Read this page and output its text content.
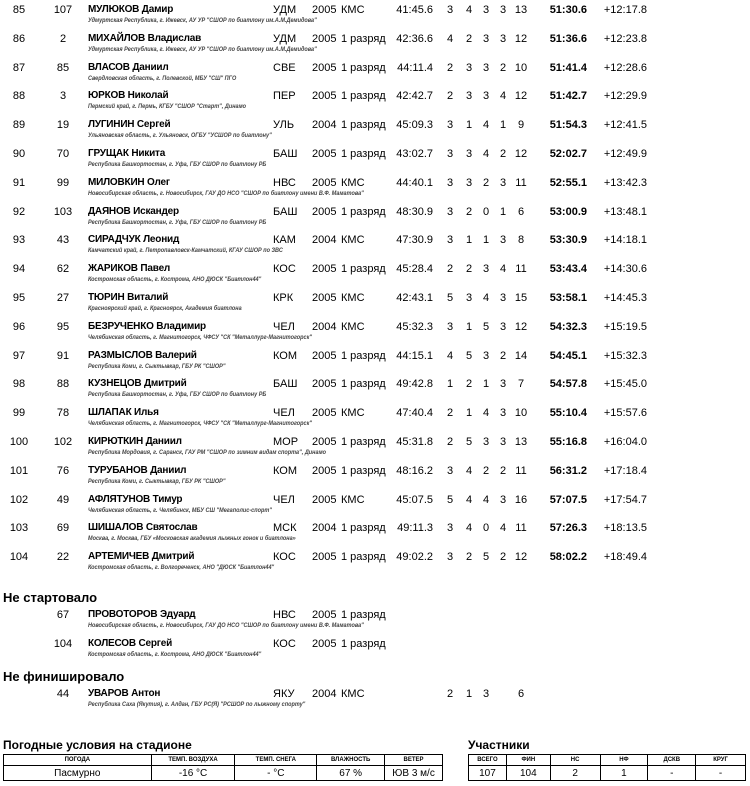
85	107 МУЛЮКОВ Дамир	УДМ	2005 КМС	41:45.6 3 4 3 3 13	51:30.6 +12:17.8
Удмуртская Республика, г. Ижевск, АУ УР "СШОР по биатлону им.А.М.Демидова"
86	2	МИХАЙЛОВ Владислав	УДМ	2005 1 разряд 42:36.6 4 2 3 3 12	51:36.6 +12:23.8
Удмуртская Республика, г. Ижевск, АУ УР "СШОР по биатлону им.А.М.Демидова"
87	85	ВЛАСОВ Даниил	СВЕ	2005 1 разряд	44:11.4 2 3 3 2 10	51:41.4 +12:28.6
Свердловская область, г. Полевской, МБУ "СШ" ПГО
88	3	ЮРКОВ Николай	ПЕР	2005 1 разряд 42:42.7 2 3 3 4 12	51:42.7 +12:29.9
Пермский край, г. Пермь, КГБУ "СШОР "Старт", Динамо
89	19	ЛУГИНИН Сергей	УЛЬ	2004 1 разряд 45:09.3 3 1 4 1	9	51:54.3 +12:41.5
Ульяновская область, г. Ульяновск, ОГБУ "УСШОР по биатлону"
90	70	ГРУЩАК Никита	БАШ	2005 1 разряд 43:02.7 3 3 4 2 12	52:02.7 +12:49.9
Республика Башкортостан, г. Уфа, ГБУ СШОР по биатлону РБ
91	99	МИЛОВКИН Олег	НВС	2005 КМС	44:40.1 3 3 2 3 11	52:55.1 +13:42.3
Новосибирская область, г. Новосибирск, ГАУ ДО НСО "СШОР по биатлону имени В.Ф. Маматова"
92	103 ДАЯНОВ Искандер	БАШ	2005 1 разряд 48:30.9 3 2 0 1	6	53:00.9 +13:48.1
Республика Башкортостан, г. Уфа, ГБУ СШОР по биатлону РБ
93	43	СИРАДЧУК Леонид	КАМ	2004 КМС	47:30.9 3 1 1 3	8	53:30.9 +14:18.1
Камчатский край, г. Петропавловск-Камчатский, КГАУ СШОР по ЗВС
94	62	ЖАРИКОВ Павел	КОС	2005 1 разряд 45:28.4 2 2 3 4 11	53:43.4 +14:30.6
Костромская область, г. Кострома, АНО ДЮСК "Биатлон44"
95	27	ТЮРИН Виталий	КРК	2005 КМС	42:43.1 5 3 4 3 15	53:58.1 +14:45.3
Красноярский край, г. Красноярск, Академия биатлона
96	95	БЕЗРУЧЕНКО Владимир	ЧЕЛ	2004 КМС	45:32.3 3 1 5 3 12	54:32.3 +15:19.5
Челябинская область, г. Магнитогорск, ЧФСУ "СК "Металлург-Магнитогорск"
97	91	РАЗМЫСЛОВ Валерий	КОМ	2005 1 разряд 44:15.1 4 5 3 2 14	54:45.1 +15:32.3
Республика Коми, г. Сыктывкар, ГБУ РК "СШОР"
98	88	КУЗНЕЦОВ Дмитрий	БАШ	2005 1 разряд 49:42.8 1 2 1 3	7	54:57.8 +15:45.0
Республика Башкортостан, г. Уфа, ГБУ СШОР по биатлону РБ
99	78	ШЛАПАК Илья	ЧЕЛ	2005 КМС	47:40.4 2 1 4 3 10	55:10.4 +15:57.6
Челябинская область, г. Магнитогорск, ЧФСУ "СК "Металлург-Магнитогорск"
100 102 КИРЮТКИН Даниил	МОР 2005 1 разряд 45:31.8 2 5 3 3 13	55:16.8 +16:04.0
Республика Мордовия, г. Саранск, ГАУ РМ "СШОР по зимним видам спорта", Динамо
101	76	ТУРУБАНОВ Даниил	КОМ	2005 1 разряд 48:16.2 3 4 2 2 11	56:31.2 +17:18.4
Республика Коми, г. Сыктывкар, ГБУ РК "СШОР"
102	49	АФЛЯТУНОВ Тимур	ЧЕЛ	2005 КМС	45:07.5 5 4 4 3 16	57:07.5 +17:54.7
Челябинская область, г. Челябинск, МБУ СШ "Мегаполис-спорт"
103	69	ШИШАЛОВ Святослав	МСК	2004 1 разряд	49:11.3 3 4 0 4 11	57:26.3 +18:13.5
Москва, г. Москва, ГБУ «Московская академия лыжных гонок и биатлона»
104	22	АРТЕМИЧЕВ Дмитрий	КОС	2005 1 разряд 49:02.2 3 2 5 2 12	58:02.2 +18:49.4
Костромская область, г. Волгореченск, АНО "ДЮСК "Биатлон44"
Не стартовало
67	ПРОВОТОРОВ Эдуард	НВС	2005 1 разряд
Новосибирская область, г. Новосибирск, ГАУ ДО НСО "СШОР по биатлону имени В.Ф. Маматова"
104 КОЛЕСОВ Сергей	КОС	2005 1 разряд
Костромская область, г. Кострома, АНО ДЮСК "Биатлон44"
Не финишировало
44	УВАРОВ Антон	ЯКУ	2004 КМС	2 1 3	6
Республика Саха (Якутия), г. Алдан, ГБУ РС(Я) "РСШОР по лыжному спорту"
Погодные условия на стадионе
ПОГОДА	ТЕМП. ВОЗДУХА	ТЕМП. СНЕГА	ВЛАЖНОСТЬ	ВЕТЕР
Пасмурно	-16 °C	- °C	67 %	ЮВ 3 м/с
Участники
ВСЕГО	ФИН	НС	НФ	ДСКВ	КРУГ
107	104	2	1	-	-
